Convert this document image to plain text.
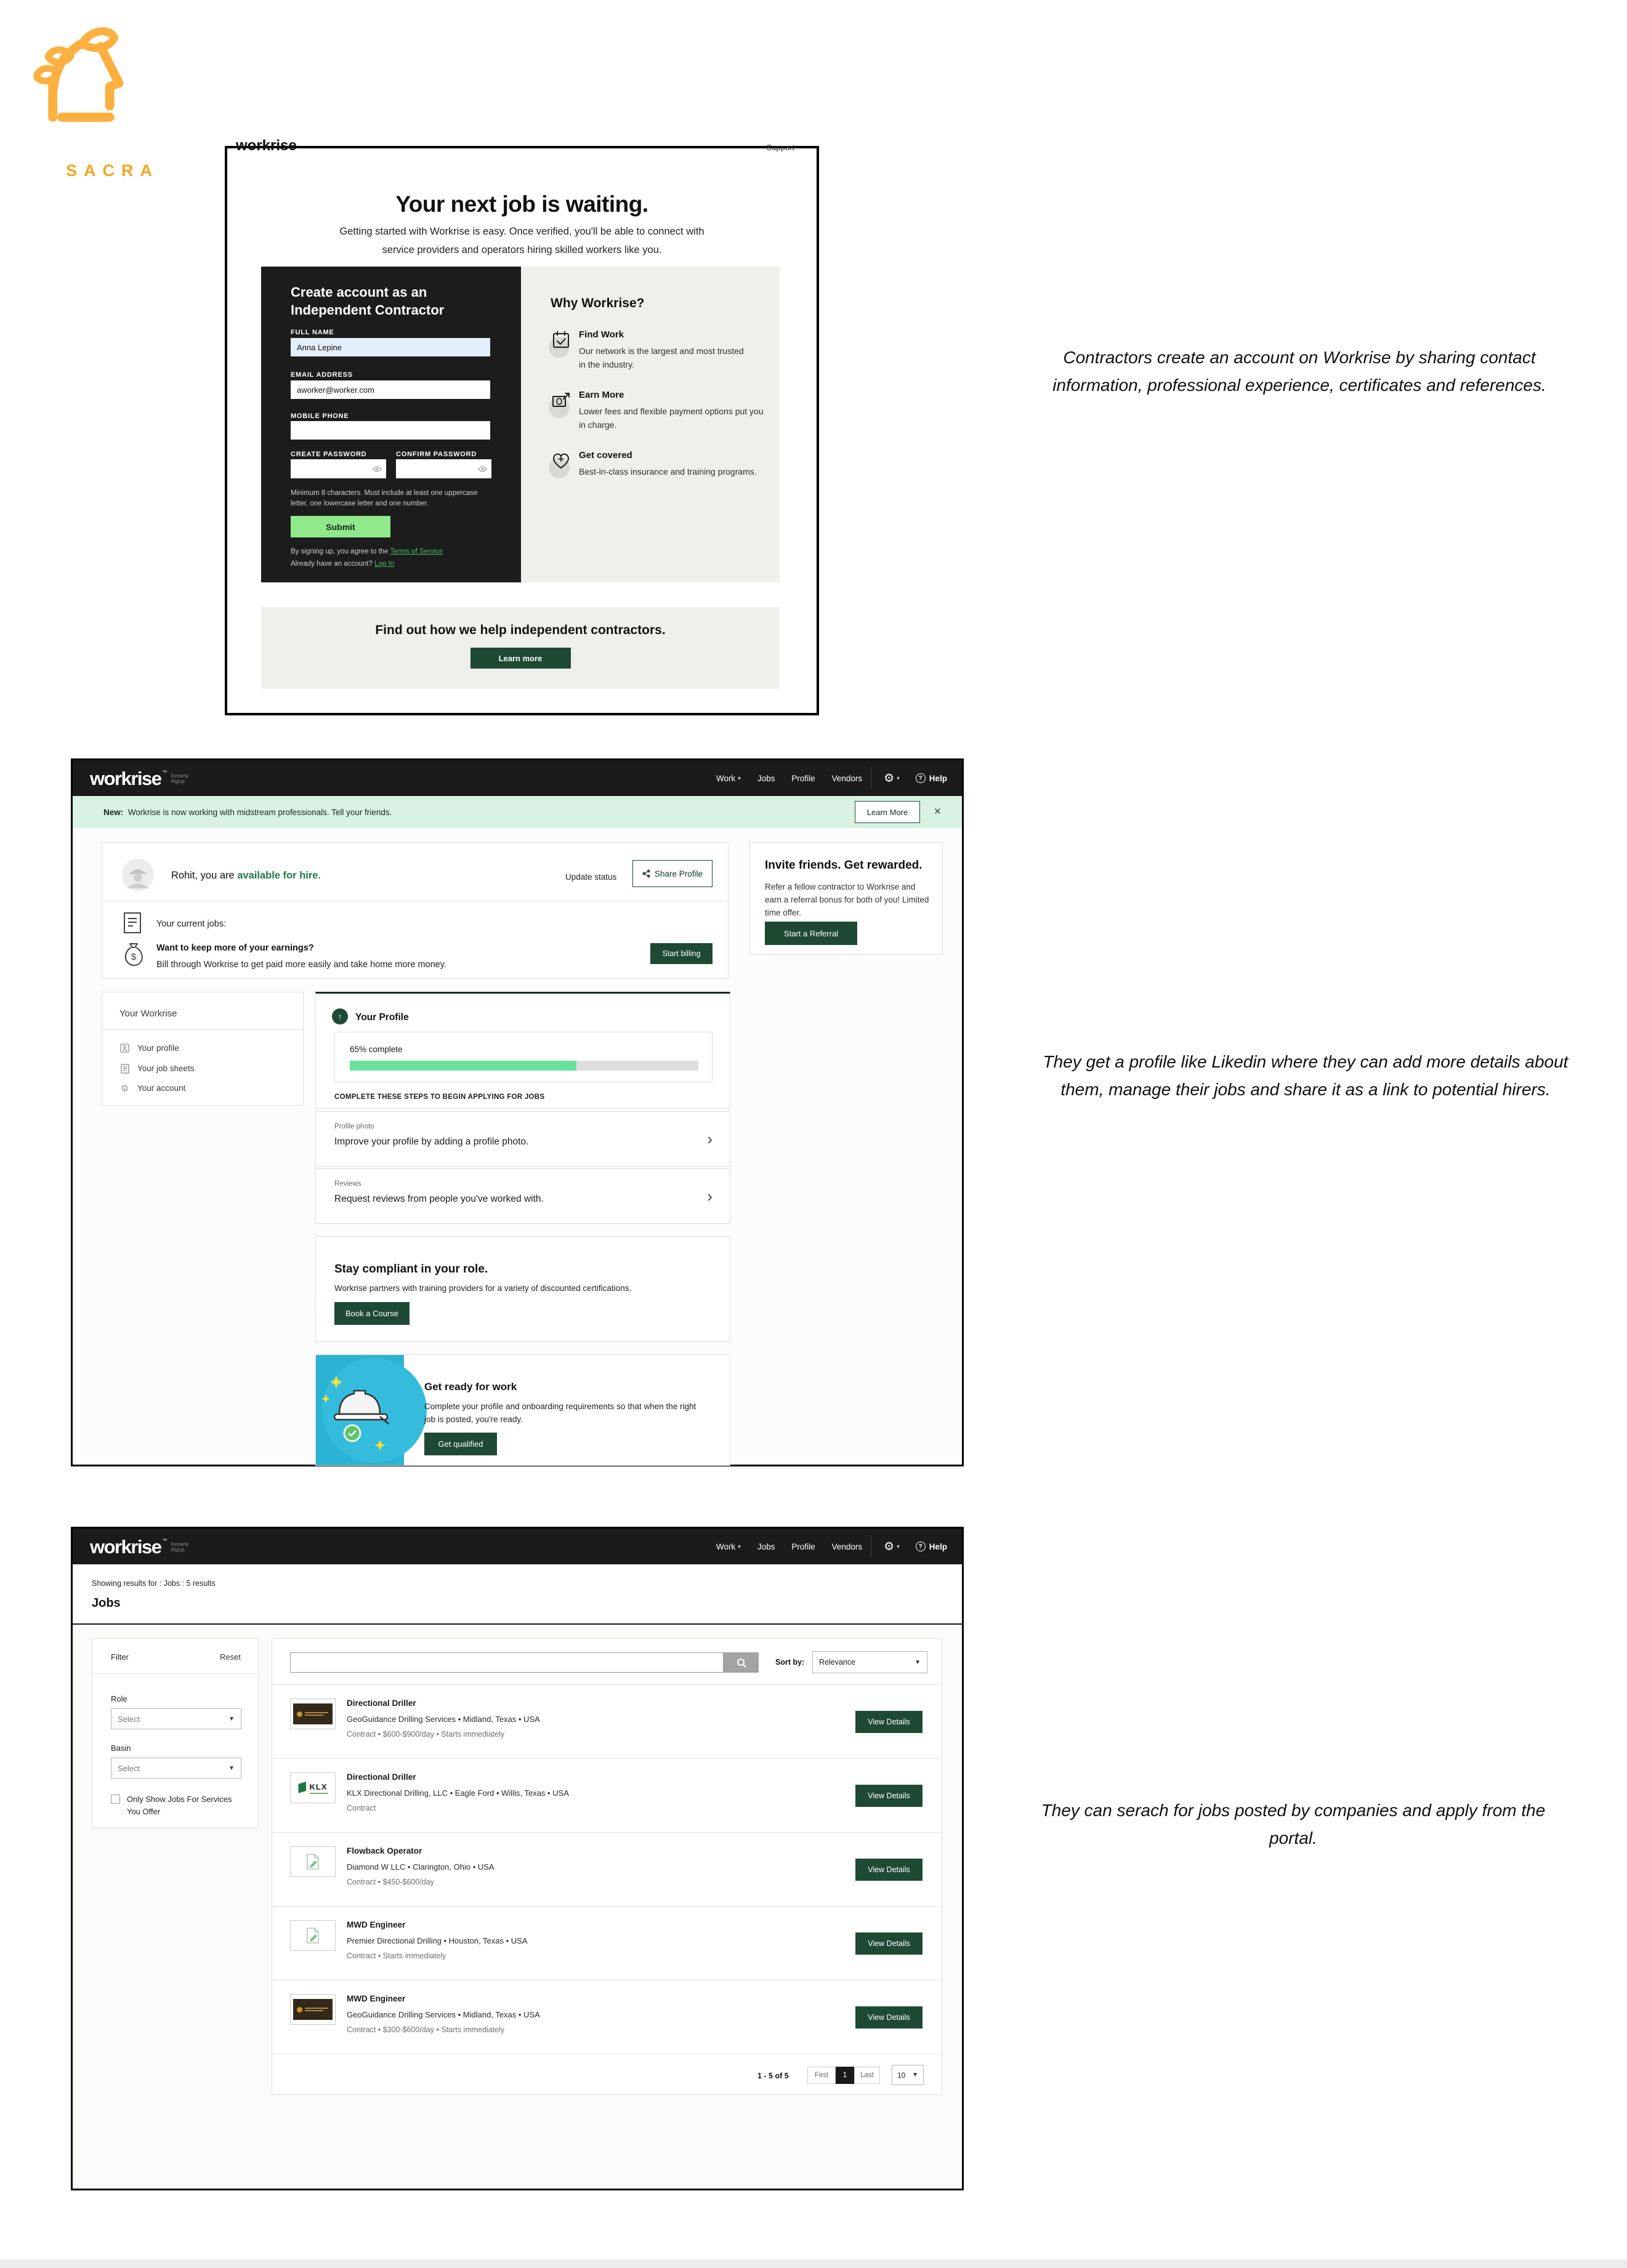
SACRA
workrise	Support
Your next job is waiting.
Getting started with Workrise is easy. Once verified, you'll be able to connect with
service providers and operators hiring skilled workers like you.
Create account as an Independent Contractor
FULL NAME
Anna Lepine
EMAIL ADDRESS
aworker@worker.com
MOBILE PHONE
CREATE PASSWORD	CONFIRM PASSWORD
Minimum 8 characters. Must include at least one uppercase letter, one lowercase letter and one number.
Submit
By signing up, you agree to the Terms of Service
Already have an account? Log In
Why Workrise?
Find Work
Our network is the largest and most trusted in the industry.
Earn More
Lower fees and flexible payment options put you in charge.
Get covered
Best-in-class insurance and training programs.
Find out how we help independent contractors.
Learn more
Contractors create an account on Workrise by sharing contact information, professional experience, certificates and references.
workrise ™
formerly
RigUp	Work ▾ Jobs Profile Vendors ⚙ ▾	? Help
New: Workrise is now working with midstream professionals. Tell your friends.	Learn More	✕
Rohit, you are available for hire.	Update status	Share Profile
Your current jobs:
$
Want to keep more of your earnings?
Bill through Workrise to get paid more easily and take home more money.
Start billing
Invite friends. Get rewarded.
Refer a fellow contractor to Workrise and earn a referral bonus for both of you! Limited time offer.
Start a Referral
Your Workrise
Your profile
Your job sheets
⚙ Your account
↑	Your Profile
65% complete
COMPLETE THESE STEPS TO BEGIN APPLYING FOR JOBS
Profile photo
Improve your profile by adding a profile photo.	›
Reviews
Request reviews from people you've worked with.	›
Stay compliant in your role.
Workrise partners with training providers for a variety of discounted certifications.
Book a Course
Get ready for work
Complete your profile and onboarding requirements so that when the right job is posted, you're ready.
Get qualified
They get a profile like Likedin where they can add more details about them, manage their jobs and share it as a link to potential hirers.
workrise ™
formerly
RigUp	Work ▾ Jobs Profile Vendors ⚙ ▾	? Help
Showing results for : Jobs : 5 results
Jobs
Filter	Reset
Role
Select	▼
Basin
Select	▼
Only Show Jobs For Services You Offer
Sort by: Relevance	▼
Directional Driller
GeoGuidance Drilling Services • Midland, Texas • USA
Contract • $600-$900/day • Starts immediately
View Details
KLX
Directional Driller
KLX Directional Drilling, LLC • Eagle Ford • Willis, Texas • USA
Contract
View Details
Flowback Operator
Diamond W LLC • Clarington, Ohio • USA
Contract • $450-$600/day
View Details
MWD Engineer
Premier Directional Drilling • Houston, Texas • USA
Contract • Starts immediately
View Details
MWD Engineer
GeoGuidance Drilling Services • Midland, Texas • USA
Contract • $300-$600/day • Starts immediately
View Details
1 - 5 of 5	First	1	Last	10 ▼
They can serach for jobs posted by companies and apply from the portal.
